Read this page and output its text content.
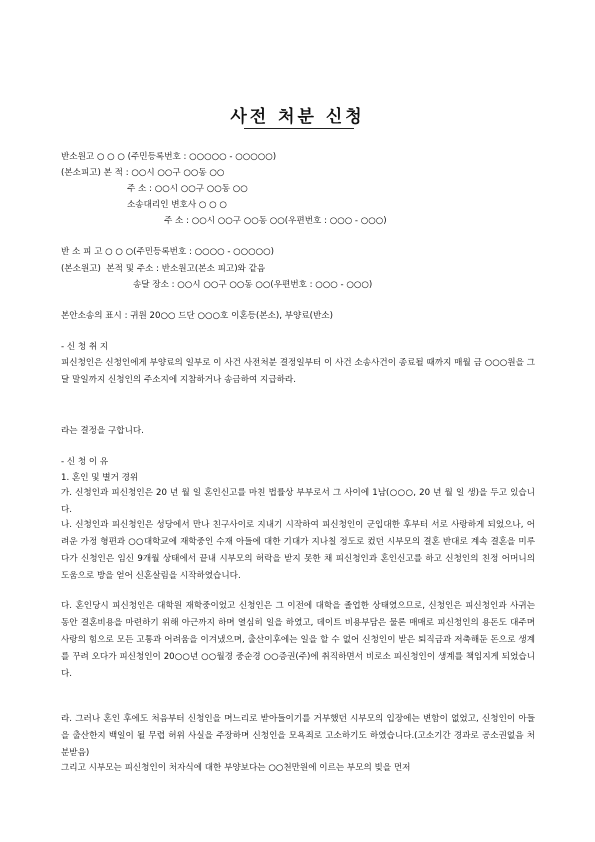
사전 처분 신청
반소원고 ○ ○ ○ (주민등록번호 : ○○○○○ - ○○○○○)
(본소피고) 본 적 : ○○시 ○○구 ○○동 ○○
주 소 : ○○시 ○○구 ○○동 ○○
소송대리인 변호사 ○ ○ ○
주 소 : ○○시 ○○구 ○○동 ○○(우편번호 : ○○○ - ○○○)
반 소 피 고 ○ ○ ○(주민등록번호 : ○○○○ - ○○○○○)
(본소원고)  본적 및 주소 : 반소원고(본소 피고)와 같음
송달 장소 : ○○시 ○○구 ○○동 ○○(우편번호 : ○○○ - ○○○)
본안소송의 표시 : 귀원 20○○ 드단 ○○○호 이혼등(본소), 부양료(반소)
- 신 청 취 지
피신청인은 신청인에게 부양료의 일부로 이 사건 사전처분 결정일부터 이 사건 소송사건이 종료될 때까지 매월 금 ○○○원을 그 달 말일까지 신청인의 주소지에 지참하거나 송금하여 지급하라.
라는 결정을 구합니다.
- 신 청 이 유
1. 혼인 및 별거 경위
가. 신청인과 피신청인은 20 년 월 일 혼인신고를 마친 법률상 부부로서 그 사이에 1남(○○○, 20 년 월 일 생)을 두고 있습니다.
나. 신청인과 피신청인은 성당에서 만나 친구사이로 지내기 시작하여 피신청인이 군입대한 후부터 서로 사랑하게 되었으나, 어려운 가정 형편과 ○○대학교에 재학중인 수재 아들에 대한 기대가 지나칠 정도로 컸던 시부모의 결혼 반대로 계속 결혼을 미루다가 신청인은 임신 9개월 상태에서 끝내 시부모의 허락을 받지 못한 채 피신청인과 혼인신고를 하고 신청인의 친정 어머니의 도움으로 방을 얻어 신혼살림을 시작하였습니다.
다. 혼인당시 피신청인은 대학원 재학중이었고 신청인은 그 이전에 대학을 졸업한 상태였으므로, 신청인은 피신청인과 사귀는 동안 결혼비용을 마련하기 위해 아근까지 하며 열심히 일을 하였고, 데이트 비용부담은 물론 매매로 피신청인의 용돈도 대주며 사랑의 힘으로 모든 고통과 어려움을 이겨냈으며, 출산이후에는 일을 할 수 없어 신청인이 받은 퇴직금과 저축해둔 돈으로 생계를 꾸려 오다가 피신청인이 20○○년 ○○월경 중순경 ○○증권(주)에 취직하면서 비로소 피신청인이 생계를 책임지게 되었습니다.
라. 그러나 혼인 후에도 처음부터 신청인을 며느리로 받아들이기를 거부했던 시부모의 입장에는 변함이 없었고, 신청인이 아들을 출산한지 백일이 될 무렵 허위 사실을 주장하며 신청인을 모욕죄로 고소하기도 하였습니다.(고소기간 경과로 공소권없음 처분받음)
그리고 시부모는 피신청인이 처자식에 대한 부양보다는 ○○천만원에 이르는 부모의 빚을 먼저
